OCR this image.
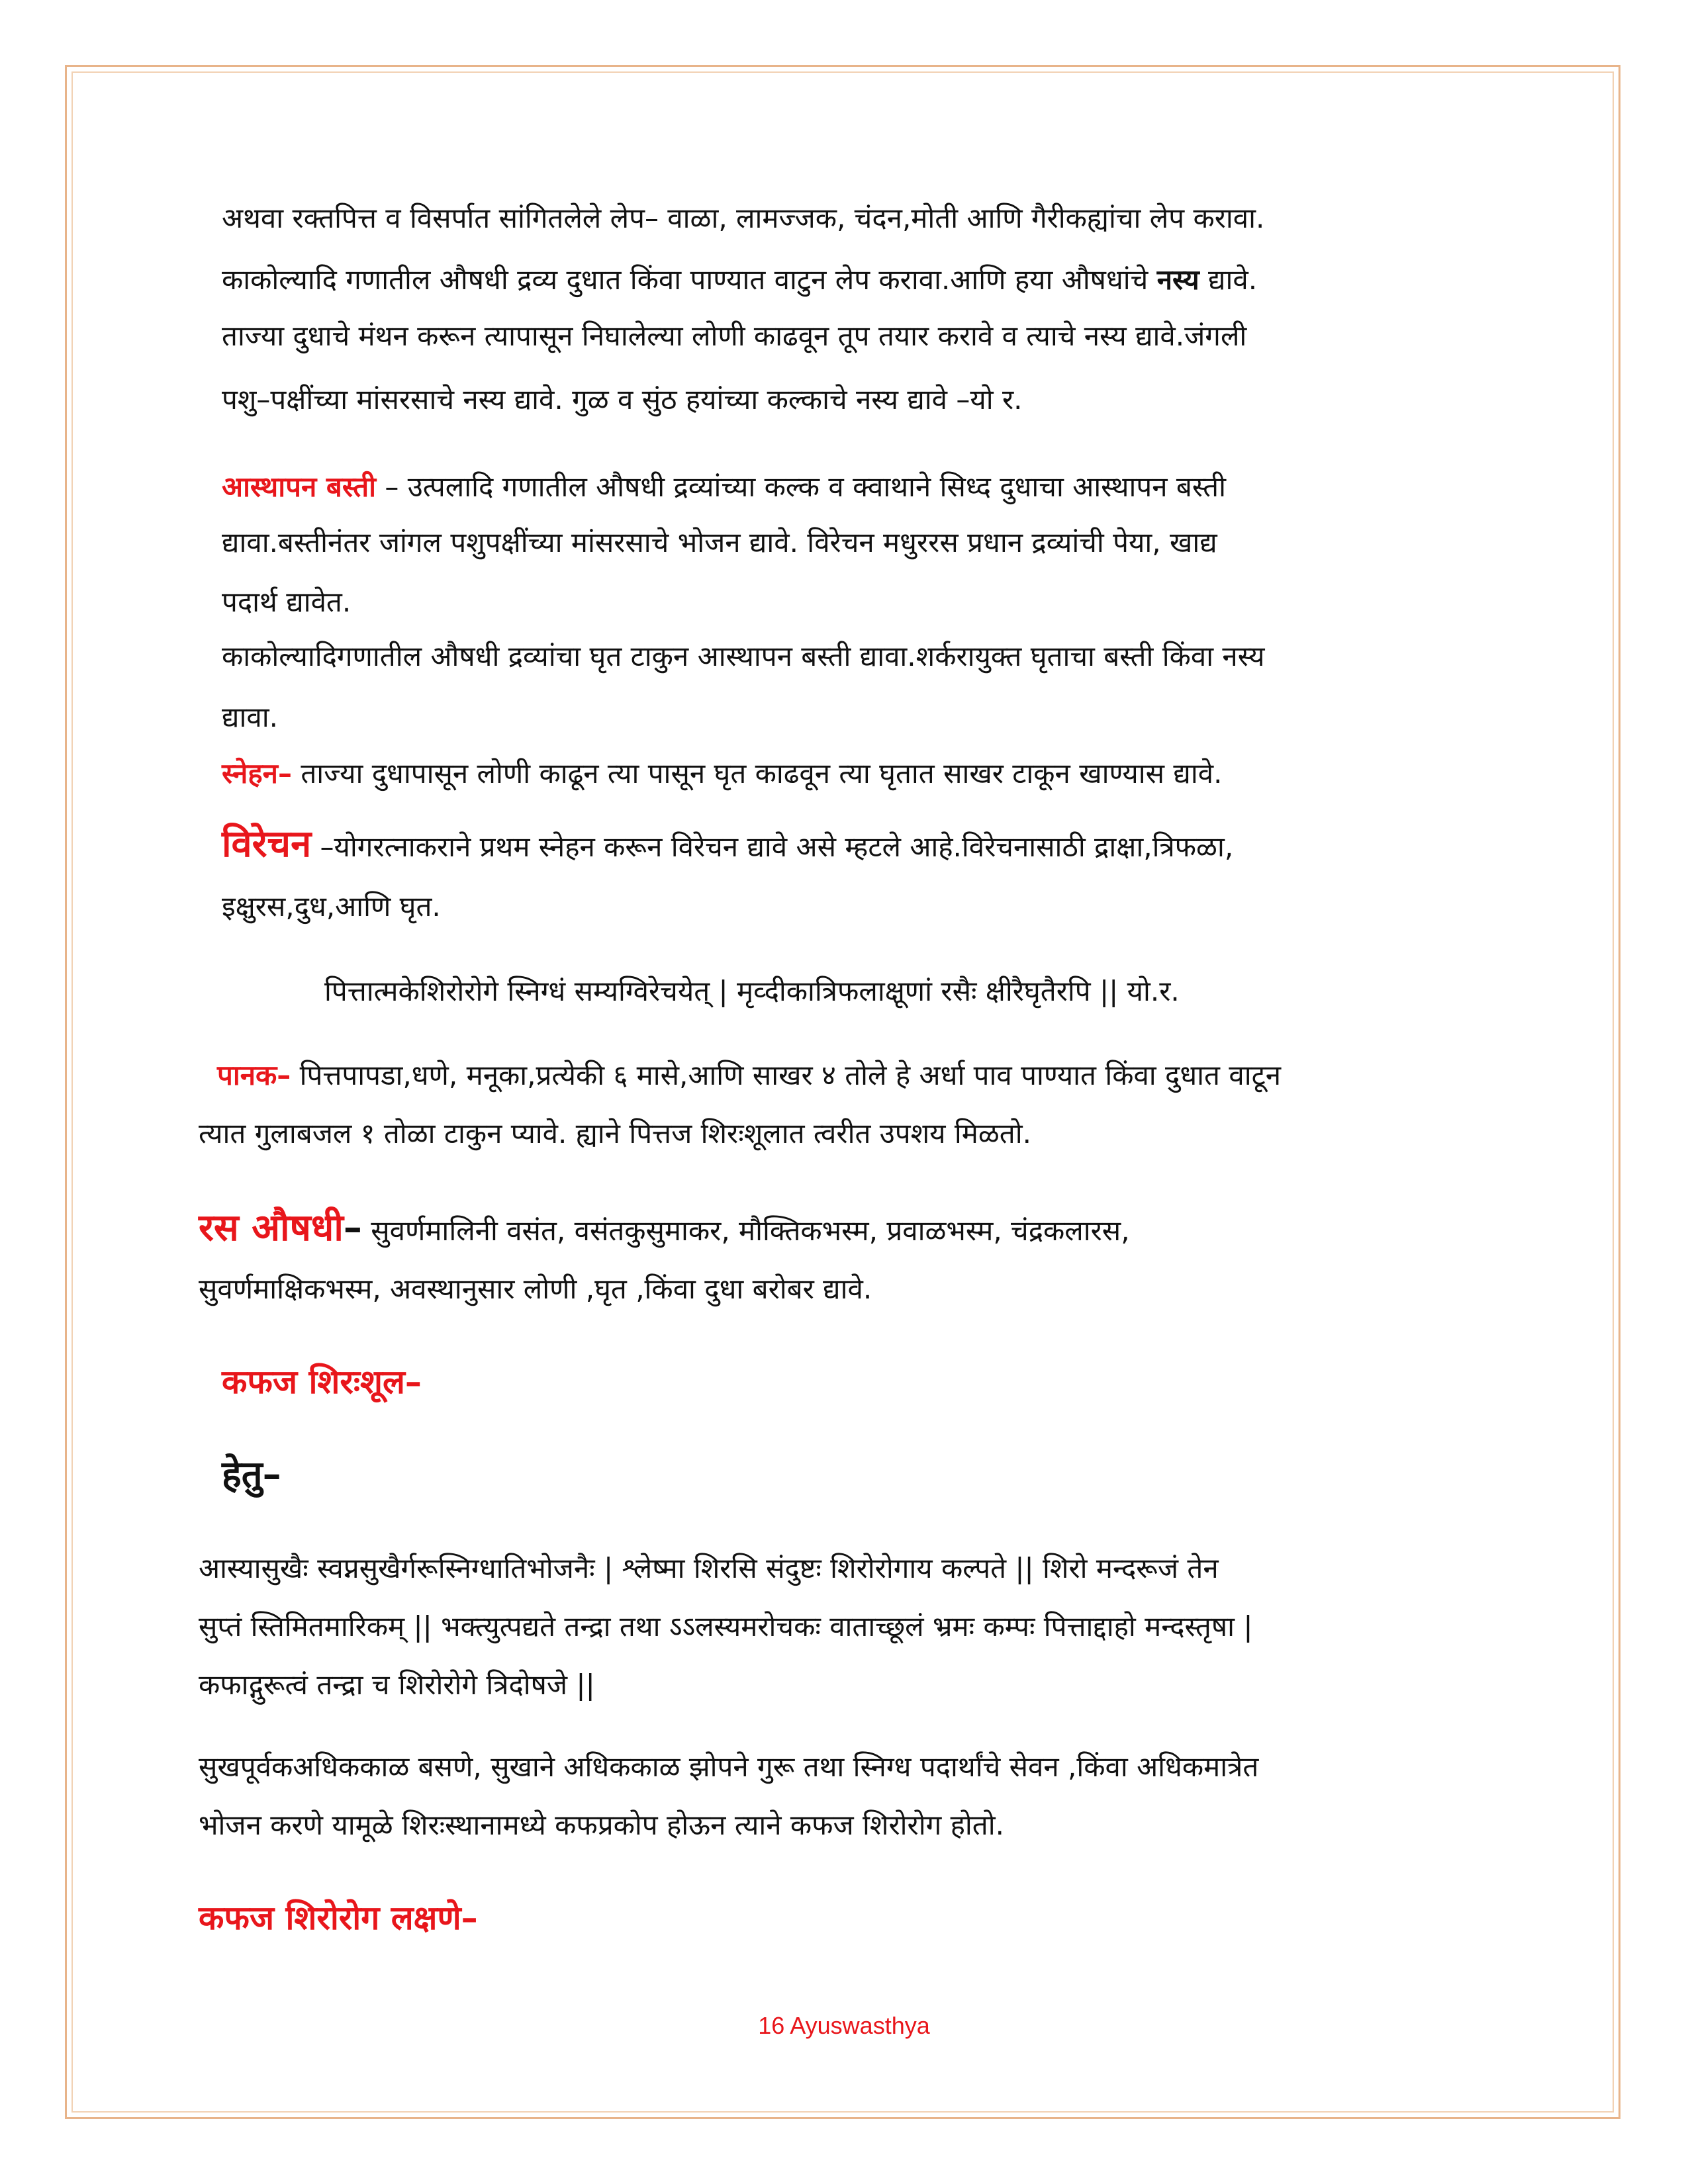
अथवा रक्तपित्त व विसर्पात सांगितलेले लेप– वाळा, लामज्जक, चंदन,मोती आणि गैरीकह्यांचा लेप करावा.
काकोल्यादि गणातील औषधी द्रव्य दुधात किंवा पाण्यात वाटुन लेप करावा.आणि हया औषधांचे नस्य द्यावे.
ताज्या दुधाचे मंथन करून त्यापासून निघालेल्या लोणी काढवून तूप तयार करावे व त्याचे नस्य द्यावे.जंगली
पशु–पक्षींच्या मांसरसाचे नस्य द्यावे. गुळ व सुंठ हयांच्या कल्काचे नस्य द्यावे –यो र.
आस्थापन बस्ती – उत्पलादि गणातील औषधी द्रव्यांच्या कल्क व क्वाथाने सिध्द दुधाचा आस्थापन बस्ती
द्यावा.बस्तीनंतर जांगल पशुपक्षींच्या मांसरसाचे भोजन द्यावे. विरेचन मधुररस प्रधान द्रव्यांची पेया, खाद्य
पदार्थ द्यावेत.
काकोल्यादिगणातील औषधी द्रव्यांचा घृत टाकुन आस्थापन बस्ती द्यावा.शर्करायुक्त घृताचा बस्ती किंवा नस्य
द्यावा.
स्नेहन– ताज्या दुधापासून लोणी काढून त्या पासून घृत काढवून त्या घृतात साखर टाकून खाण्यास द्यावे.
विरेचन –योगरत्नाकराने प्रथम स्नेहन करून विरेचन द्यावे असे म्हटले आहे.विरेचनासाठी द्राक्षा,त्रिफळा,
इक्षुरस,दुध,आणि घृत.
पित्तात्मकेशिरोरोगे स्निग्धं सम्यग्विरेचयेत् | मृव्दीकात्रिफलाक्षूणां रसैः क्षीरैघृतैरपि || यो.र.
पानक– पित्तपापडा,धणे, मनूका,प्रत्येकी ६ मासे,आणि साखर ४ तोले हे अर्धा पाव पाण्यात किंवा दुधात वाटून
त्यात गुलाबजल १ तोळा टाकुन प्यावे. ह्याने पित्तज शिरःशूलात त्वरीत उपशय मिळतो.
रस औषधी– सुवर्णमालिनी वसंत, वसंतकुसुमाकर, मौक्तिकभस्म, प्रवाळभस्म, चंद्रकलारस,
सुवर्णमाक्षिकभस्म, अवस्थानुसार लोणी ,घृत ,किंवा दुधा बरोबर द्यावे.
कफज शिरःशूल–
हेतु–
आस्यासुखैः स्वप्नसुखैर्गरूस्निग्धातिभोजनैः | श्लेष्मा शिरसि संदुष्टः शिरोरोगाय कल्पते || शिरो मन्दरूजं तेन
सुप्तं स्तिमितमारिकम् || भक्त्युत्पद्यते तन्द्रा तथा ऽऽलस्यमरोचकः वाताच्छूलं भ्रमः कम्पः पित्ताद्दाहो मन्दस्तृषा |
कफाद्गुरूत्वं तन्द्रा च शिरोरोगे त्रिदोषजे ||
सुखपूर्वकअधिककाळ बसणे, सुखाने अधिककाळ झोपने गुरू तथा स्निग्ध पदार्थांचे सेवन ,किंवा अधिकमात्रेत
भोजन करणे यामूळे शिरःस्थानामध्ये कफप्रकोप होऊन त्याने कफज शिरोरोग होतो.
कफज शिरोरोग लक्षणे–
16 Ayuswasthya
